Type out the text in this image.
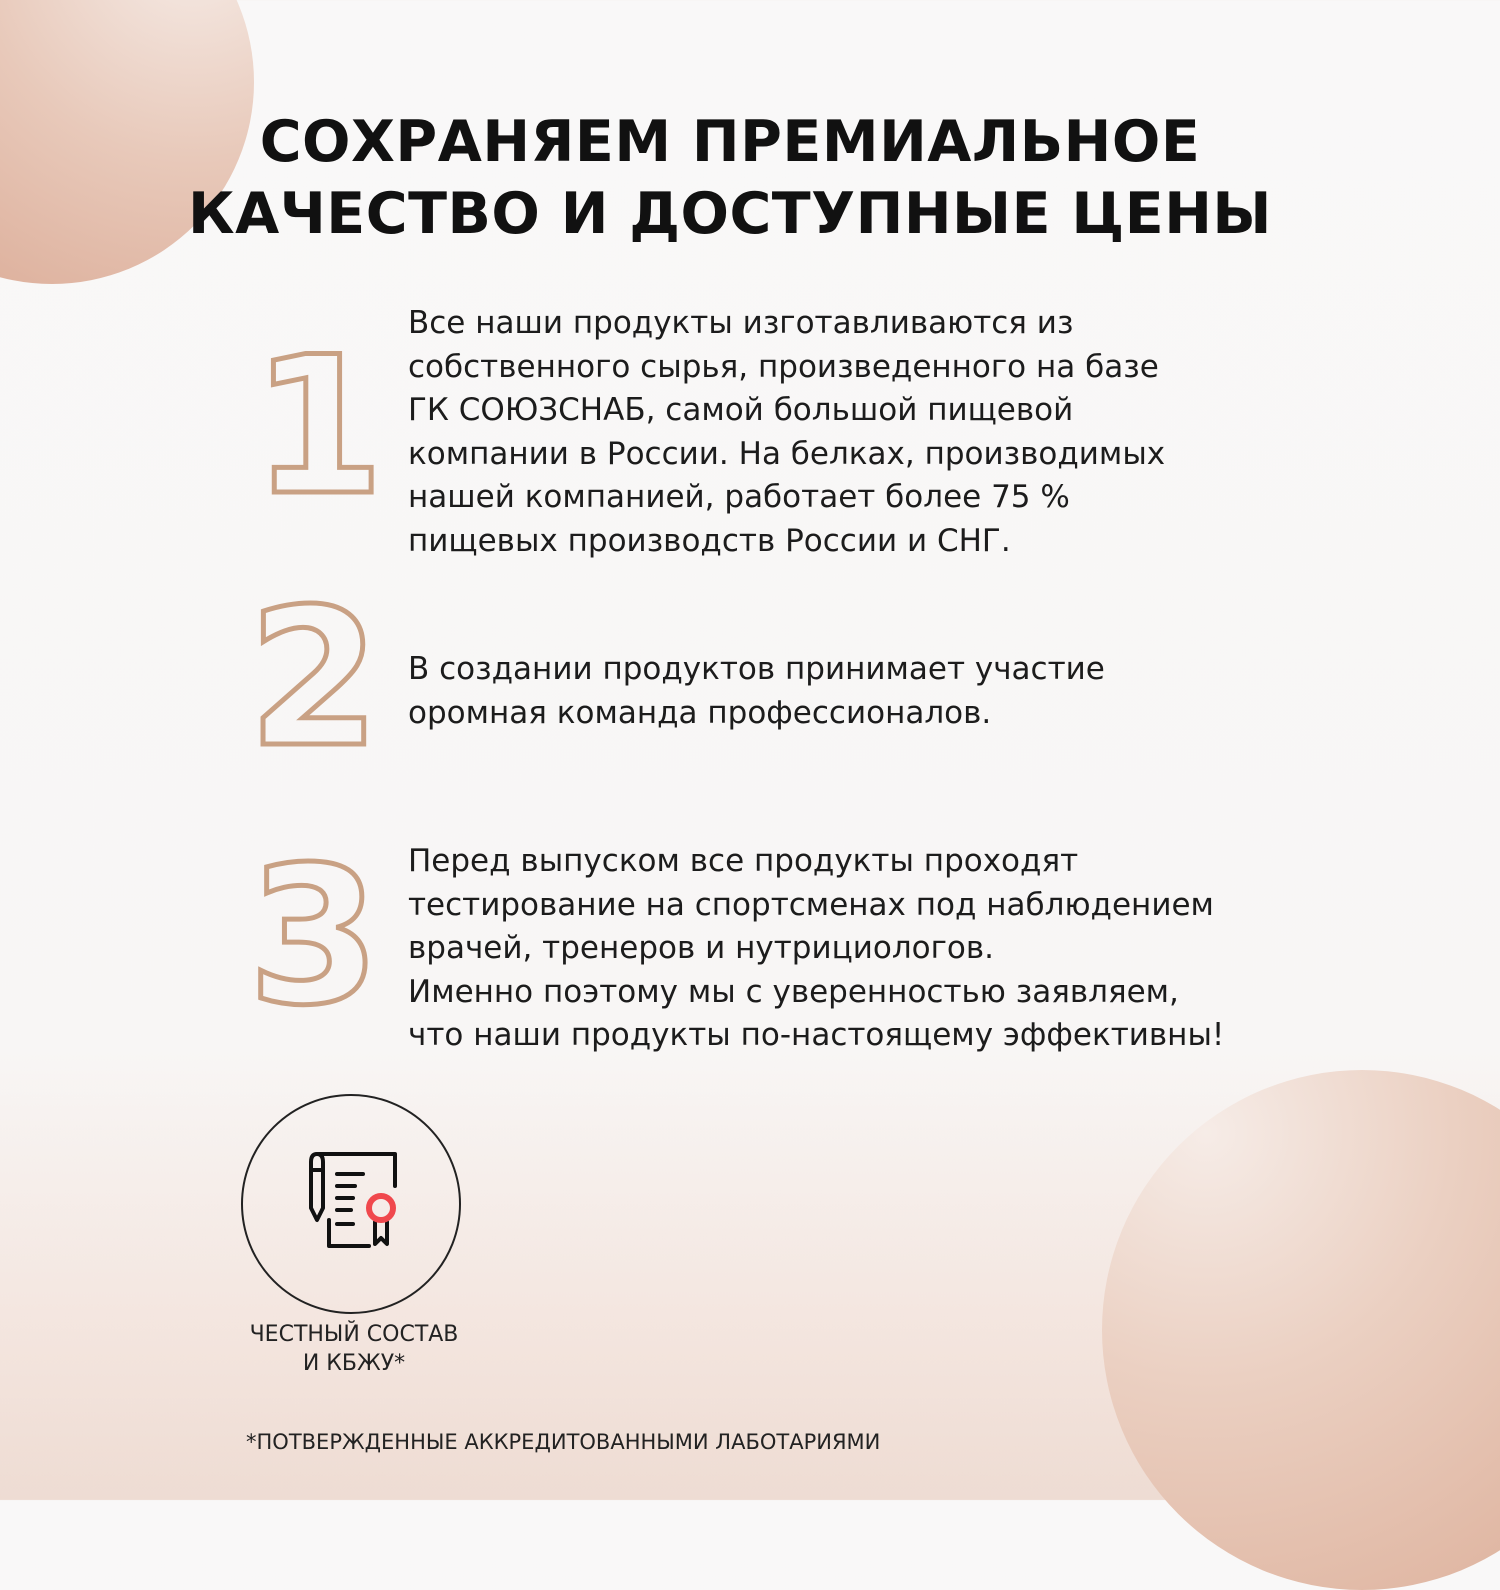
СОХРАНЯЕМ ПРЕМИАЛЬНОЕ
КАЧЕСТВО И ДОСТУПНЫЕ ЦЕНЫ
1 Все наши продукты изготавливаются из
собственного сырья, произведенного на базе
ГК СОЮЗСНАБ, самой большой пищевой
компании в России. На белках, производимых
нашей компанией, работает более 75 %
пищевых производств России и СНГ.

2 В создании продуктов принимает участие
оромная команда профессионалов.

3 Перед выпуском все продукты проходят
тестирование на спортсменах под наблюдением
врачей, тренеров и нутрициологов.
Именно поэтому мы с уверенностью заявляем,
что наши продукты по-настоящему эффективны!

ЧЕСТНЫЙ СОСТАВ
И КБЖУ*

*ПОТВЕРЖДЕННЫЕ АККРЕДИТОВАННЫМИ ЛАБОТАРИЯМИ
